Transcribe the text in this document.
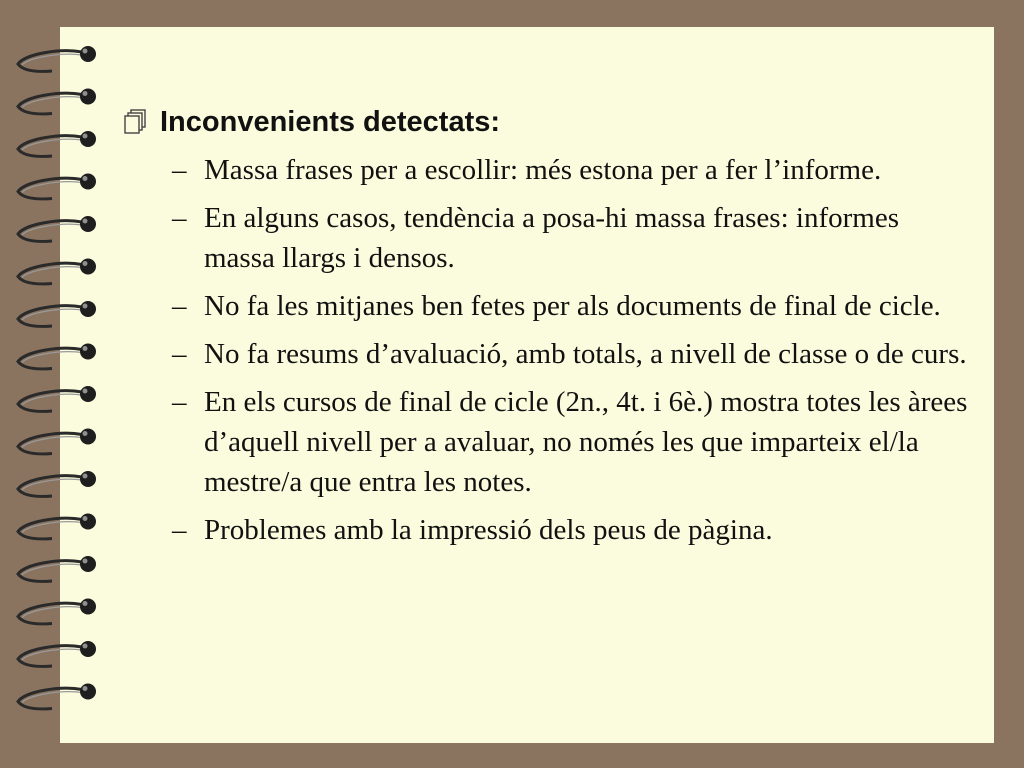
Inconvenients detectats:
– Massa frases per a escollir: més estona per a fer l’informe.
– En alguns casos, tendència a posa-hi massa frases: informes massa llargs i densos.
– No fa les mitjanes ben fetes per als documents de final de cicle.
– No fa resums d’avaluació, amb totals, a nivell de classe o de curs.
– En els cursos de final de cicle (2n., 4t. i 6è.) mostra totes les àrees d’aquell nivell per a avaluar, no només les que imparteix el/la mestre/a que entra les notes.
– Problemes amb la impressió dels peus de pàgina.
